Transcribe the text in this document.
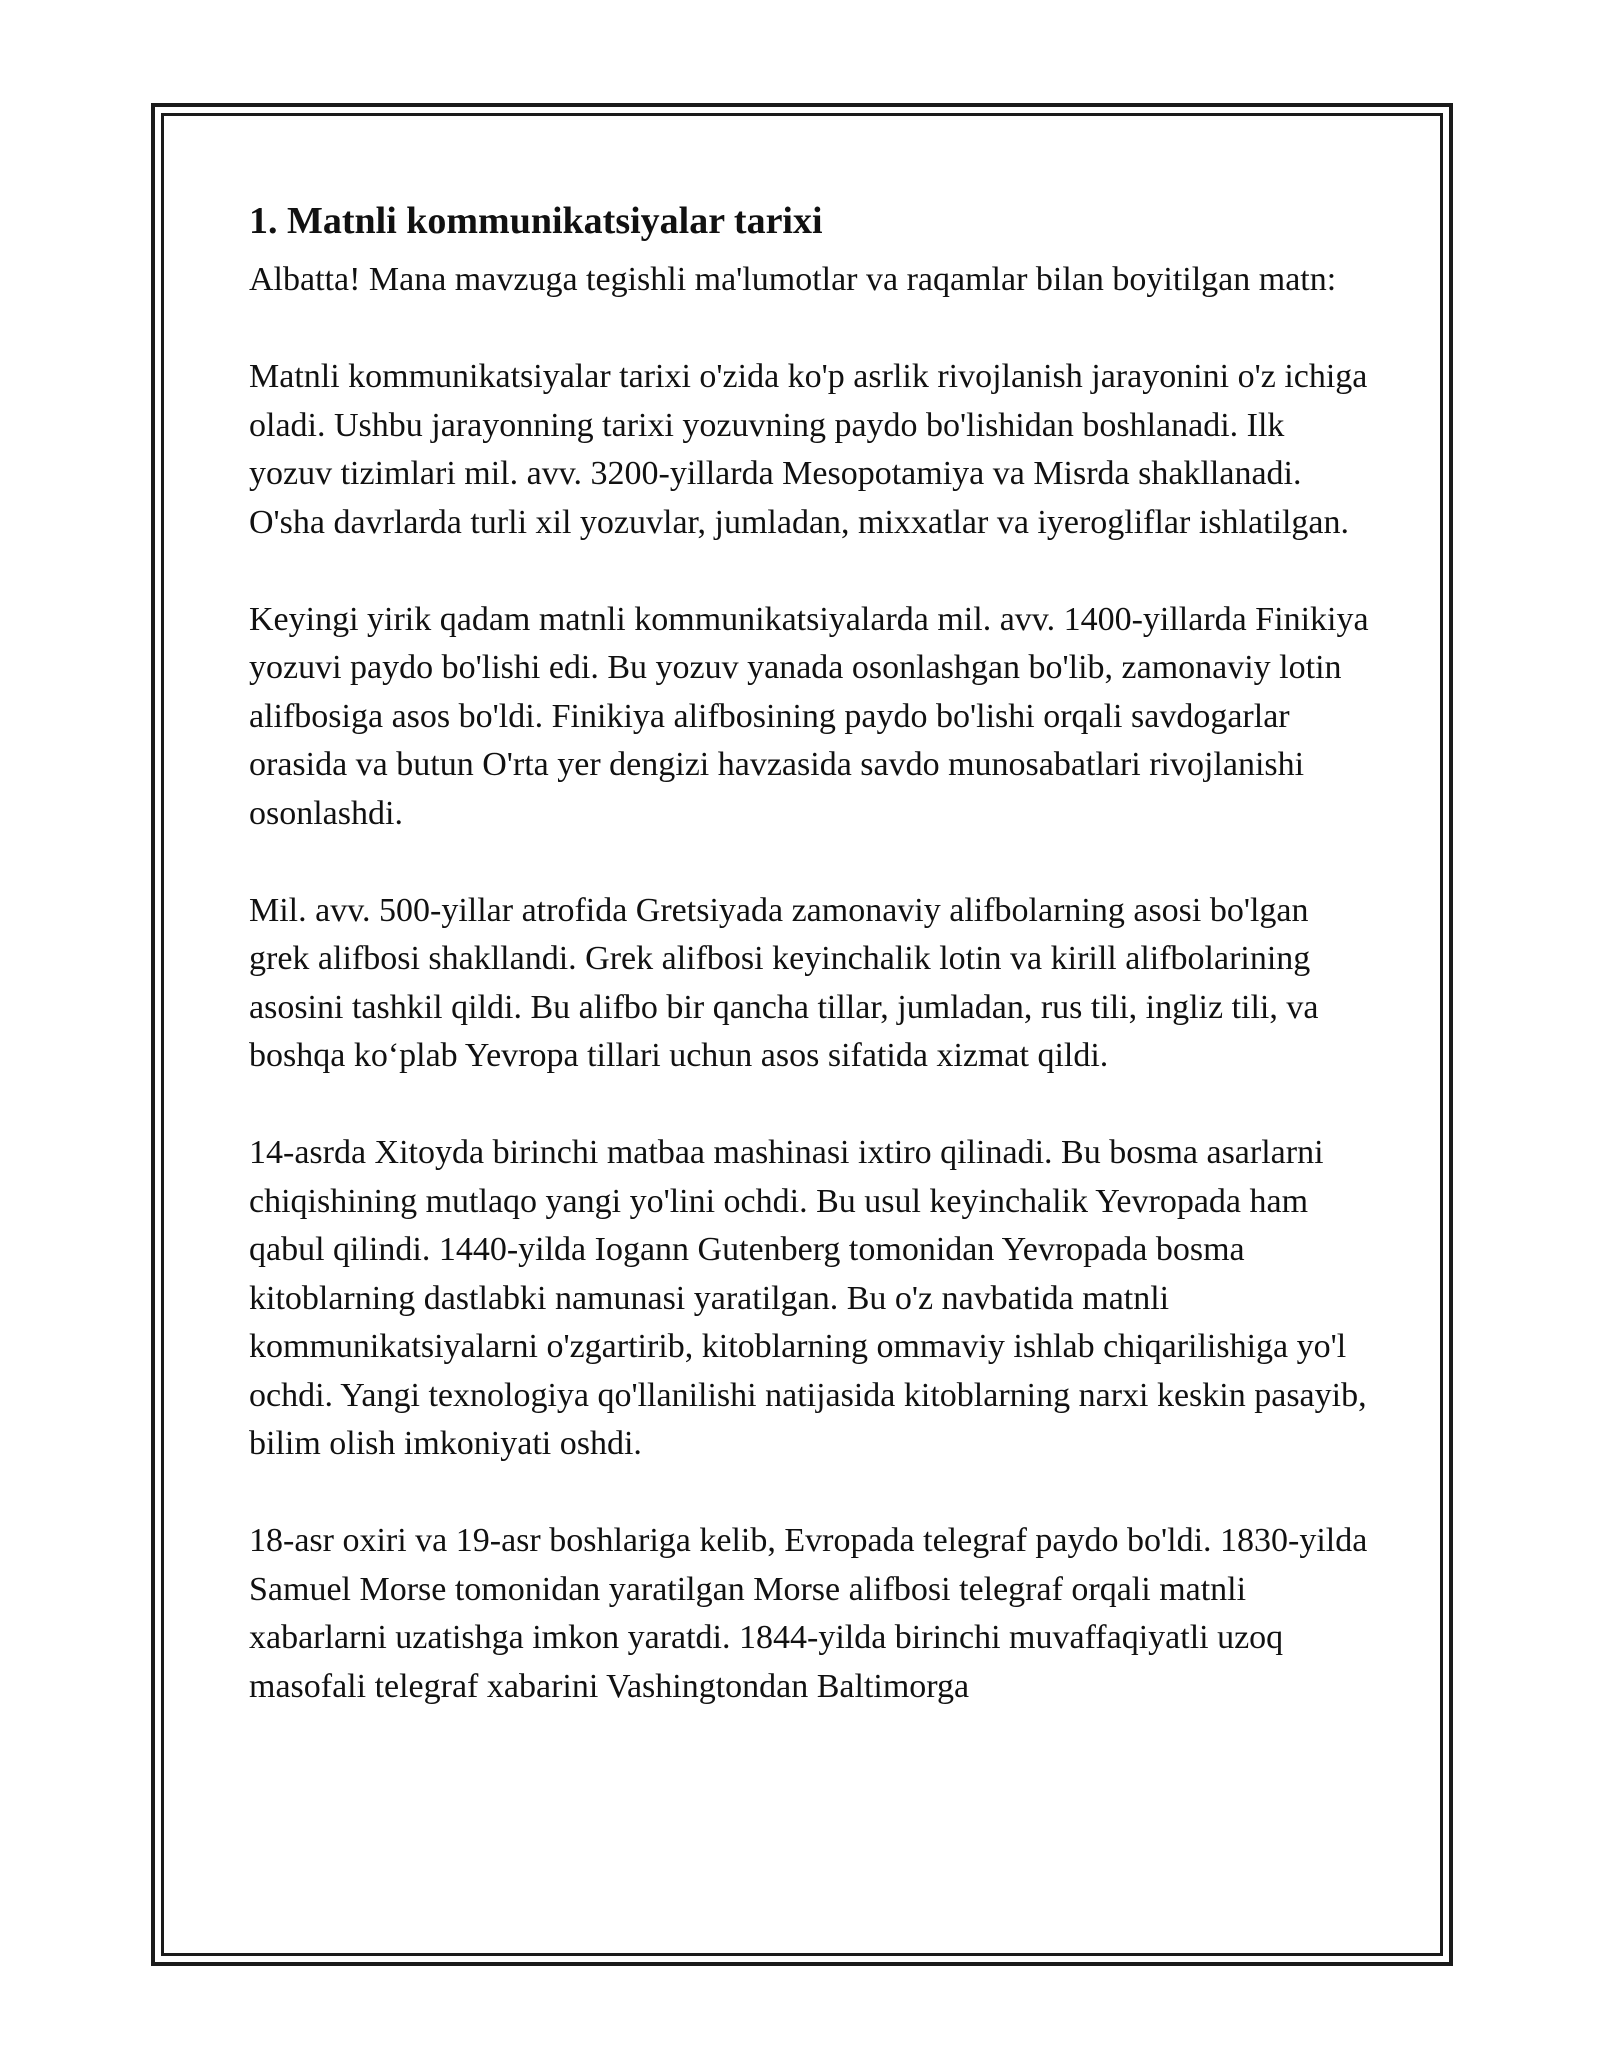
1. Matnli kommunikatsiyalar tarixi

Albatta! Mana mavzuga tegishli ma'lumotlar va raqamlar bilan boyitilgan matn:

Matnli kommunikatsiyalar tarixi o'zida ko'p asrlik rivojlanish jarayonini o'z ichiga oladi. Ushbu jarayonning tarixi yozuvning paydo bo'lishidan boshlanadi. Ilk yozuv tizimlari mil. avv. 3200-yillarda Mesopotamiya va Misrda shakllanadi. O'sha davrlarda turli xil yozuvlar, jumladan, mixxatlar va iyerogliflar ishlatilgan.

Keyingi yirik qadam matnli kommunikatsiyalarda mil. avv. 1400-yillarda Finikiya yozuvi paydo bo'lishi edi. Bu yozuv yanada osonlashgan bo'lib, zamonaviy lotin alifbosiga asos bo'ldi. Finikiya alifbosining paydo bo'lishi orqali savdogarlar orasida va butun O'rta yer dengizi havzasida savdo munosabatlari rivojlanishi osonlashdi.

Mil. avv. 500-yillar atrofida Gretsiyada zamonaviy alifbolarning asosi bo'lgan grek alifbosi shakllandi. Grek alifbosi keyinchalik lotin va kirill alifbolarining asosini tashkil qildi. Bu alifbo bir qancha tillar, jumladan, rus tili, ingliz tili, va boshqa ko‘plab Yevropa tillari uchun asos sifatida xizmat qildi.

14-asrda Xitoyda birinchi matbaa mashinasi ixtiro qilinadi. Bu bosma asarlarni chiqishining mutlaqo yangi yo'lini ochdi. Bu usul keyinchalik Yevropada ham qabul qilindi. 1440-yilda Iogann Gutenberg tomonidan Yevropada bosma kitoblarning dastlabki namunasi yaratilgan. Bu o'z navbatida matnli kommunikatsiyalarni o'zgartirib, kitoblarning ommaviy ishlab chiqarilishiga yo'l ochdi. Yangi texnologiya qo'llanilishi natijasida kitoblarning narxi keskin pasayib, bilim olish imkoniyati oshdi.

18-asr oxiri va 19-asr boshlariga kelib, Evropada telegraf paydo bo'ldi. 1830-yilda Samuel Morse tomonidan yaratilgan Morse alifbosi telegraf orqali matnli xabarlarni uzatishga imkon yaratdi. 1844-yilda birinchi muvaffaqiyatli uzoq masofali telegraf xabarini Vashingtondan Baltimorga
